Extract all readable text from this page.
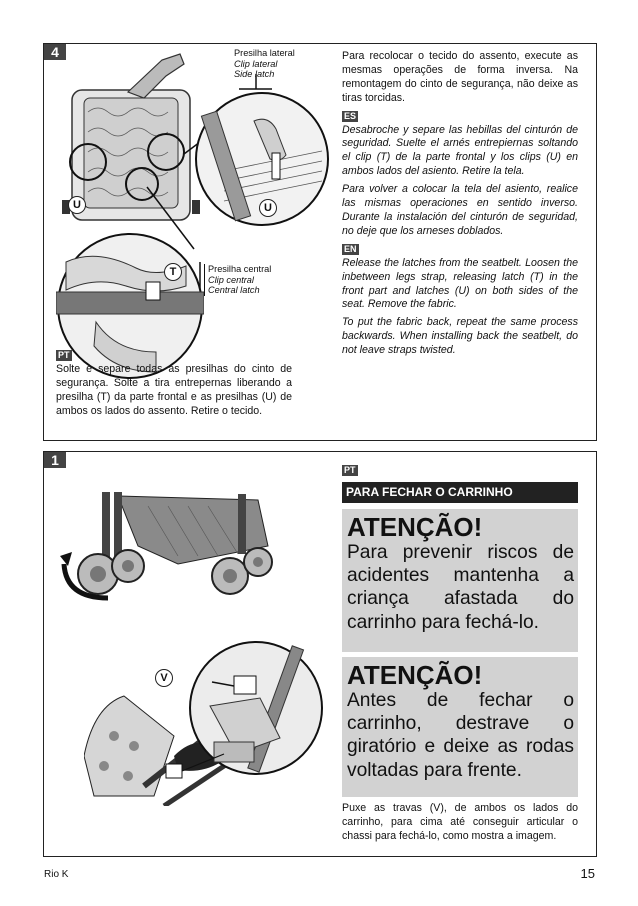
4
U	U
T
Presilha lateral
Clip lateral
Side latch
Presilha central
Clip central
Central latch
PT

Solte e separe todas as presilhas do cinto de segurança. Solte a tira entrepernas liberando a presilha (T) da parte frontal e as presilhas (U) de ambos os lados do assento. Retire o tecido.

Para recolocar o tecido do assento, execute as mesmas operações de forma inversa. Na remontagem do cinto de segurança, não deixe as tiras torcidas.

ES

Desabroche y separe las hebillas del cinturón de seguridad. Suelte el arnés entrepiernas soltando el clip (T) de la parte frontal y los clips (U) en ambos lados del asiento. Retire la tela.

Para volver a colocar la tela del asiento, realice las mismas operaciones en sentido inverso. Durante la instalación del cinturón de seguridad, no deje que los arneses doblados.

EN

Release the latches from the seatbelt. Loosen the inbetween legs strap, releasing latch (T) in the front part and latches (U) on both sides of the seat. Remove the fabric.

To put the fabric back, repeat the same process backwards. When installing back the seatbelt, do not leave straps twisted.

1
V
PT
PARA FECHAR O CARRINHO
ATENÇÃO!
Para prevenir riscos de acidentes mantenha a criança afastada do carrinho para fechá-lo.
ATENÇÃO!
Antes de fechar o carrinho, destrave o giratório e deixe as rodas voltadas para frente.

Puxe as travas (V), de ambos os lados do carrinho, para cima até conseguir articular o chassi para fechá-lo, como mostra a imagem.

Rio K	15
